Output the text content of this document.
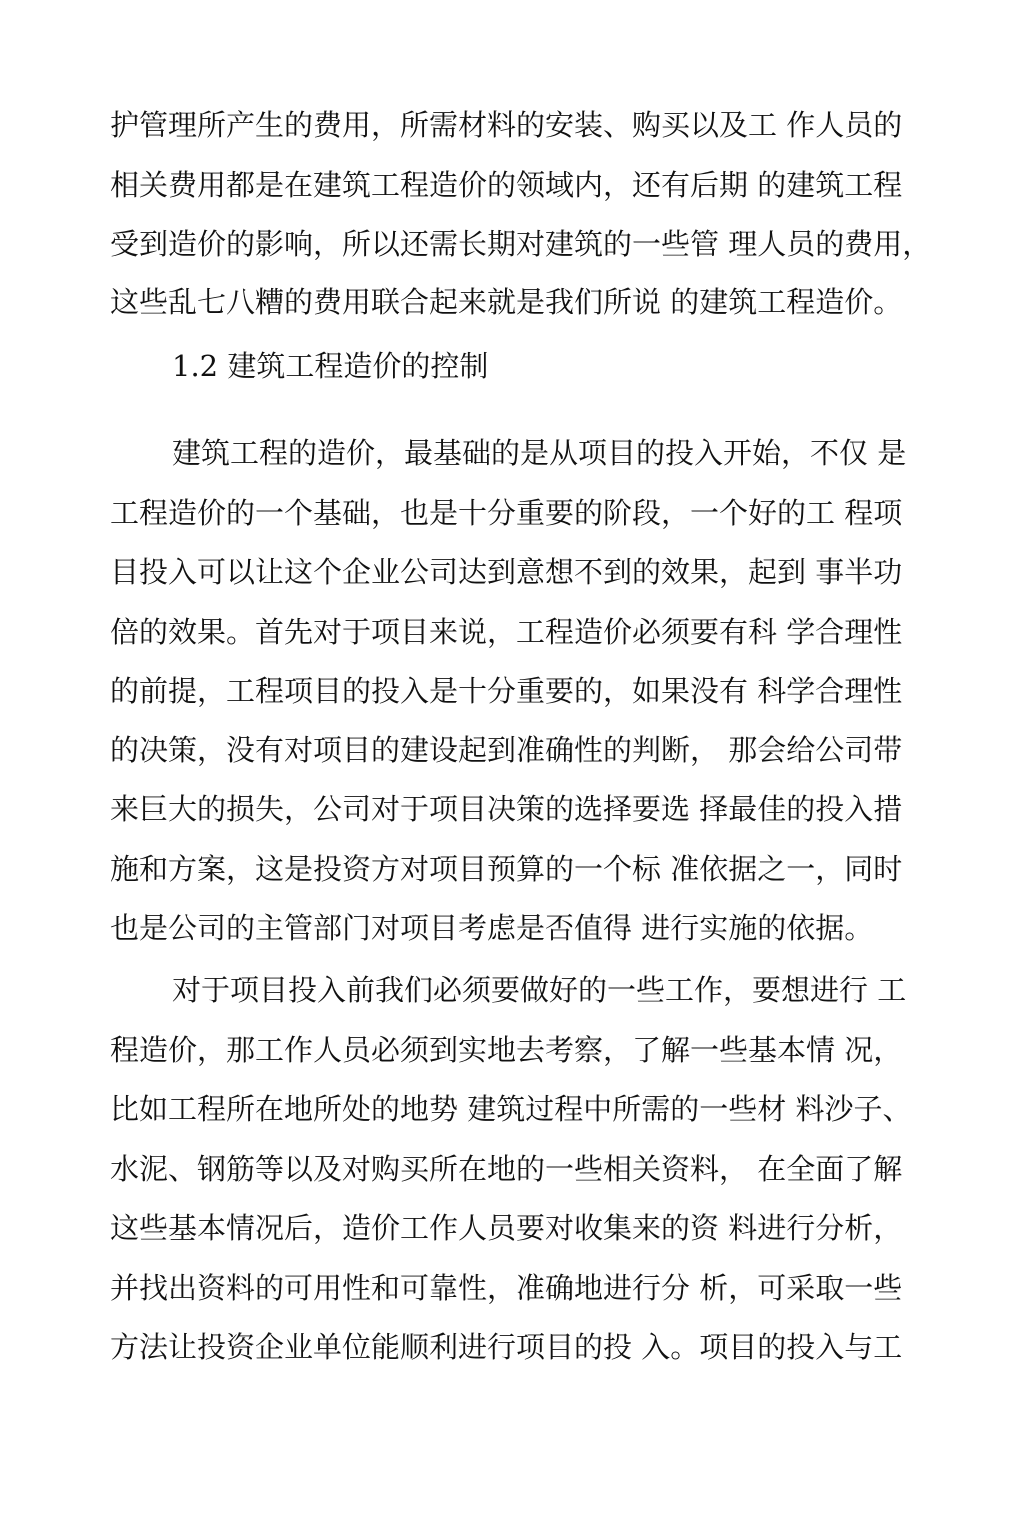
护管理所产生的费用，所需材料的安装、购买以及工 作人员的
相关费用都是在建筑工程造价的领域内，还有后期 的建筑工程
受到造价的影响，所以还需长期对建筑的一些管 理人员的费用，
这些乱七八糟的费用联合起来就是我们所说 的建筑工程造价。
1.2 建筑工程造价的控制
建筑工程的造价，最基础的是从项目的投入开始，不仅 是
工程造价的一个基础，也是十分重要的阶段，一个好的工 程项
目投入可以让这个企业公司达到意想不到的效果，起到 事半功
倍的效果。首先对于项目来说，工程造价必须要有科 学合理性
的前提，工程项目的投入是十分重要的，如果没有 科学合理性
的决策，没有对项目的建设起到准确性的判断， 那会给公司带
来巨大的损失，公司对于项目决策的选择要选 择最佳的投入措
施和方案，这是投资方对项目预算的一个标 准依据之一，同时
也是公司的主管部门对项目考虑是否值得 进行实施的依据。
对于项目投入前我们必须要做好的一些工作，要想进行 工
程造价，那工作人员必须到实地去考察，了解一些基本情 况，
比如工程所在地所处的地势 建筑过程中所需的一些材 料沙子、
水泥、钢筋等以及对购买所在地的一些相关资料， 在全面了解
这些基本情况后，造价工作人员要对收集来的资 料进行分析，
并找出资料的可用性和可靠性，准确地进行分 析，可采取一些
方法让投资企业单位能顺利进行项目的投 入。项目的投入与工
